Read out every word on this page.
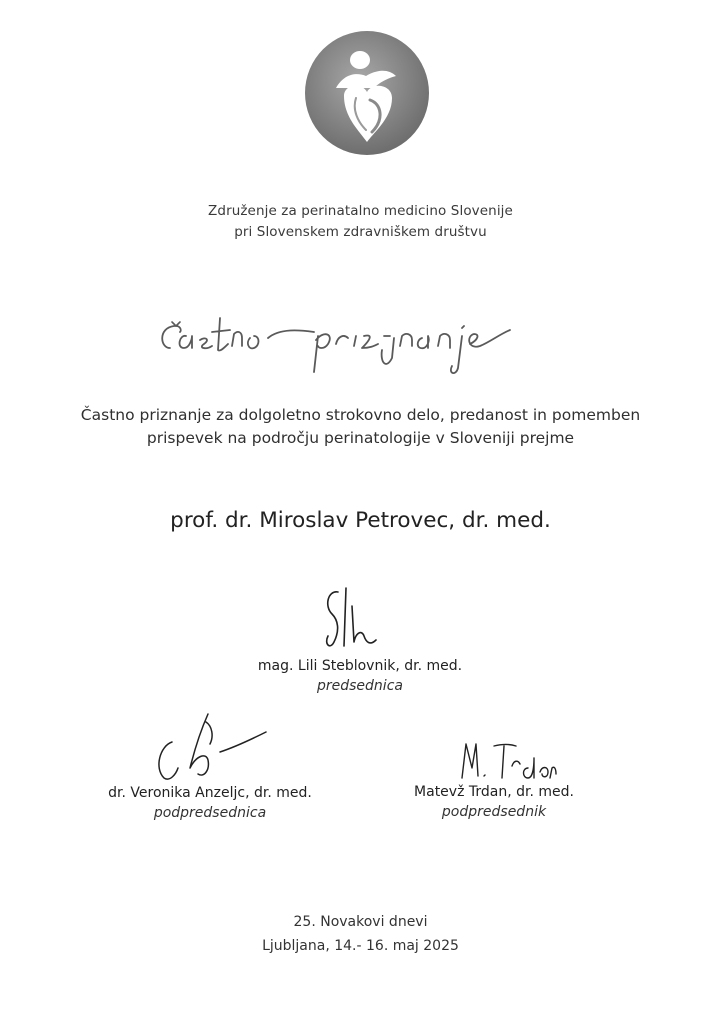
Združenje za perinatalno medicino Slovenije
pri Slovenskem zdravniškem društvu
Častno priznanje za dolgoletno strokovno delo, predanost in pomemben
prispevek na področju perinatologije v Sloveniji prejme
prof. dr. Miroslav Petrovec, dr. med.
mag. Lili Steblovnik, dr. med.
predsednica
dr. Veronika Anzeljc, dr. med.
podpredsednica
Matevž Trdan, dr. med.
podpredsednik
25. Novakovi dnevi
Ljubljana, 14.- 16. maj 2025
